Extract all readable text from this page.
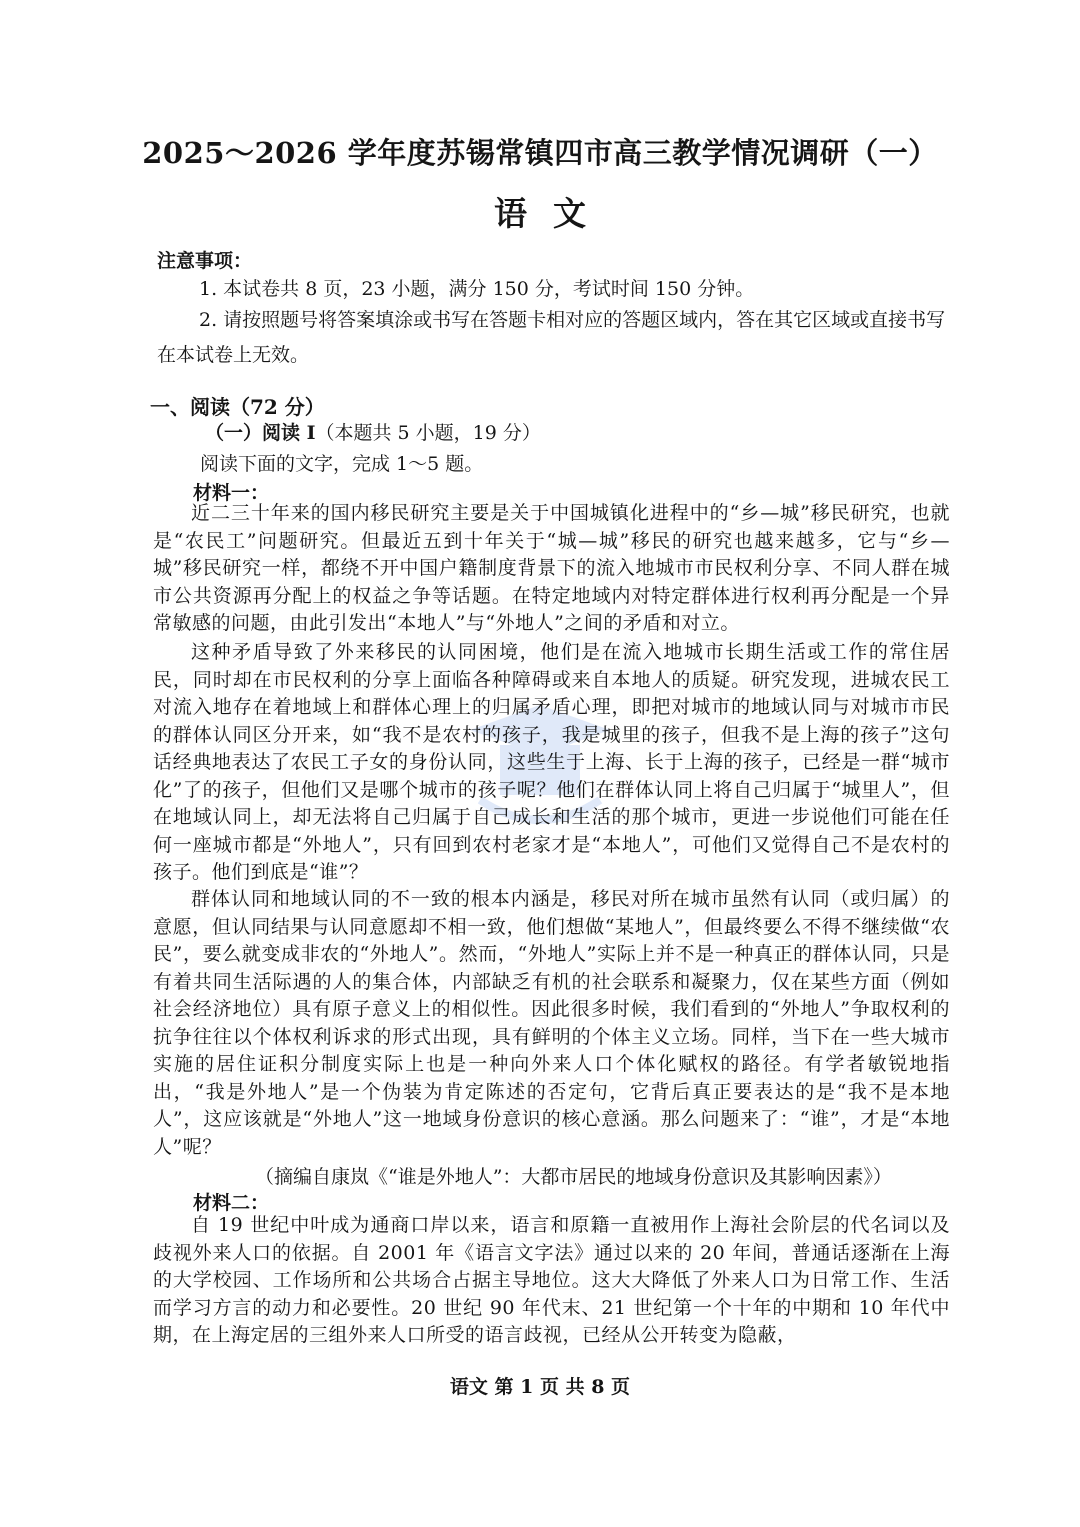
2025～2026 学年度苏锡常镇四市高三教学情况调研（一）
语文
注意事项：
1. 本试卷共 8 页，23 小题，满分 150 分，考试时间 150 分钟。
2. 请按照题号将答案填涂或书写在答题卡相对应的答题区域内，答在其它区域或直接书写在本试卷上无效。
一、阅读（72 分）
（一）阅读 I（本题共 5 小题，19 分）
阅读下面的文字，完成 1～5 题。
材料一：
近二三十年来的国内移民研究主要是关于中国城镇化进程中的“乡—城”移民研究，也就是“农民工”问题研究。但最近五到十年关于“城—城”移民的研究也越来越多，它与“乡—城”移民研究一样，都绕不开中国户籍制度背景下的流入地城市市民权利分享、不同人群在城市公共资源再分配上的权益之争等话题。在特定地域内对特定群体进行权利再分配是一个异常敏感的问题，由此引发出“本地人”与“外地人”之间的矛盾和对立。
这种矛盾导致了外来移民的认同困境，他们是在流入地城市长期生活或工作的常住居民，同时却在市民权利的分享上面临各种障碍或来自本地人的质疑。研究发现，进城农民工对流入地存在着地域上和群体心理上的归属矛盾心理，即把对城市的地域认同与对城市市民的群体认同区分开来，如“我不是农村的孩子，我是城里的孩子，但我不是上海的孩子”这句话经典地表达了农民工子女的身份认同，这些生于上海、长于上海的孩子，已经是一群“城市化”了的孩子，但他们又是哪个城市的孩子呢？他们在群体认同上将自己归属于“城里人”，但在地域认同上，却无法将自己归属于自己成长和生活的那个城市，更进一步说他们可能在任何一座城市都是“外地人”，只有回到农村老家才是“本地人”，可他们又觉得自己不是农村的孩子。他们到底是“谁”？
群体认同和地域认同的不一致的根本内涵是，移民对所在城市虽然有认同（或归属）的意愿，但认同结果与认同意愿却不相一致，他们想做“某地人”，但最终要么不得不继续做“农民”，要么就变成非农的“外地人”。然而，“外地人”实际上并不是一种真正的群体认同，只是有着共同生活际遇的人的集合体，内部缺乏有机的社会联系和凝聚力，仅在某些方面（例如社会经济地位）具有原子意义上的相似性。因此很多时候，我们看到的“外地人”争取权利的抗争往往以个体权利诉求的形式出现，具有鲜明的个体主义立场。同样，当下在一些大城市实施的居住证积分制度实际上也是一种向外来人口个体化赋权的路径。有学者敏锐地指出，“我是外地人”是一个伪装为肯定陈述的否定句，它背后真正要表达的是“我不是本地人”，这应该就是“外地人”这一地域身份意识的核心意涵。那么问题来了：“谁”，才是“本地人”呢？
（摘编自康岚《“谁是外地人”：大都市居民的地域身份意识及其影响因素》）
材料二：
自 19 世纪中叶成为通商口岸以来，语言和原籍一直被用作上海社会阶层的代名词以及歧视外来人口的依据。自 2001 年《语言文字法》通过以来的 20 年间，普通话逐渐在上海的大学校园、工作场所和公共场合占据主导地位。这大大降低了外来人口为日常工作、生活而学习方言的动力和必要性。20 世纪 90 年代末、21 世纪第一个十年的中期和 10 年代中期，在上海定居的三组外来人口所受的语言歧视，已经从公开转变为隐蔽，
语文 第 1 页 共 8 页
